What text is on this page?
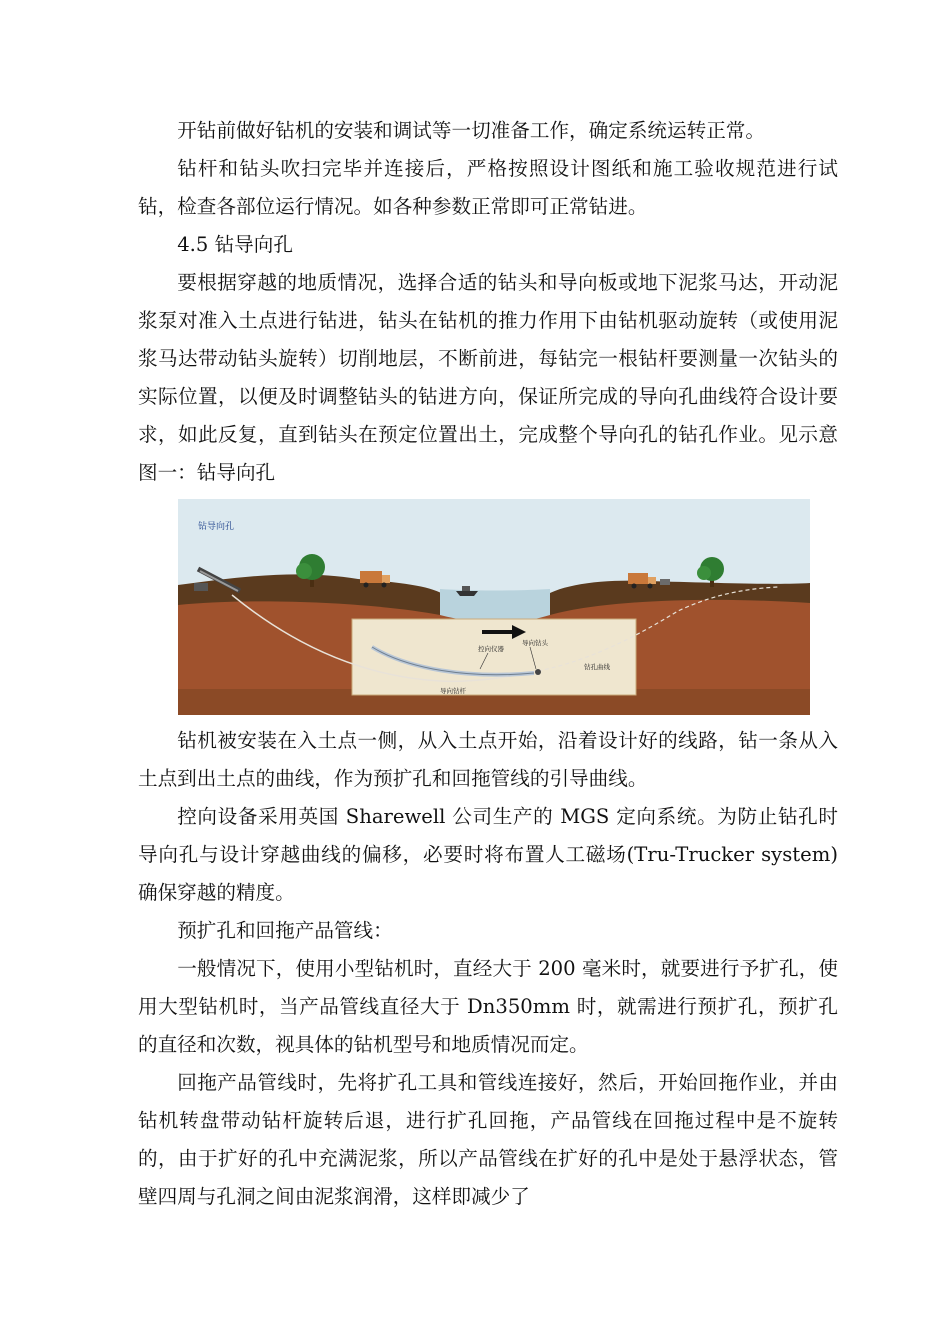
开钻前做好钻机的安装和调试等一切准备工作，确定系统运转正常。

钻杆和钻头吹扫完毕并连接后，严格按照设计图纸和施工验收规范进行试钻，检查各部位运行情况。如各种参数正常即可正常钻进。

4.5 钻导向孔

要根据穿越的地质情况，选择合适的钻头和导向板或地下泥浆马达，开动泥浆泵对准入土点进行钻进，钻头在钻机的推力作用下由钻机驱动旋转（或使用泥浆马达带动钻头旋转）切削地层，不断前进，每钻完一根钻杆要测量一次钻头的实际位置，以便及时调整钻头的钻进方向，保证所完成的导向孔曲线符合设计要求，如此反复，直到钻头在预定位置出土，完成整个导向孔的钻孔作业。见示意图一：钻导向孔

钻导向孔
控向仪器
导向钻头
钻孔曲线
导向钻杆

钻机被安装在入土点一侧，从入土点开始，沿着设计好的线路，钻一条从入土点到出土点的曲线，作为预扩孔和回拖管线的引导曲线。

控向设备采用英国 Sharewell 公司生产的 MGS 定向系统。为防止钻孔时导向孔与设计穿越曲线的偏移，必要时将布置人工磁场(Tru-Trucker system)确保穿越的精度。

预扩孔和回拖产品管线：

一般情况下，使用小型钻机时，直经大于 200 毫米时，就要进行予扩孔，使用大型钻机时，当产品管线直径大于 Dn350mm 时，就需进行预扩孔，预扩孔的直径和次数，视具体的钻机型号和地质情况而定。

回拖产品管线时，先将扩孔工具和管线连接好，然后，开始回拖作业，并由钻机转盘带动钻杆旋转后退，进行扩孔回拖，产品管线在回拖过程中是不旋转的，由于扩好的孔中充满泥浆，所以产品管线在扩好的孔中是处于悬浮状态，管壁四周与孔洞之间由泥浆润滑，这样即减少了
